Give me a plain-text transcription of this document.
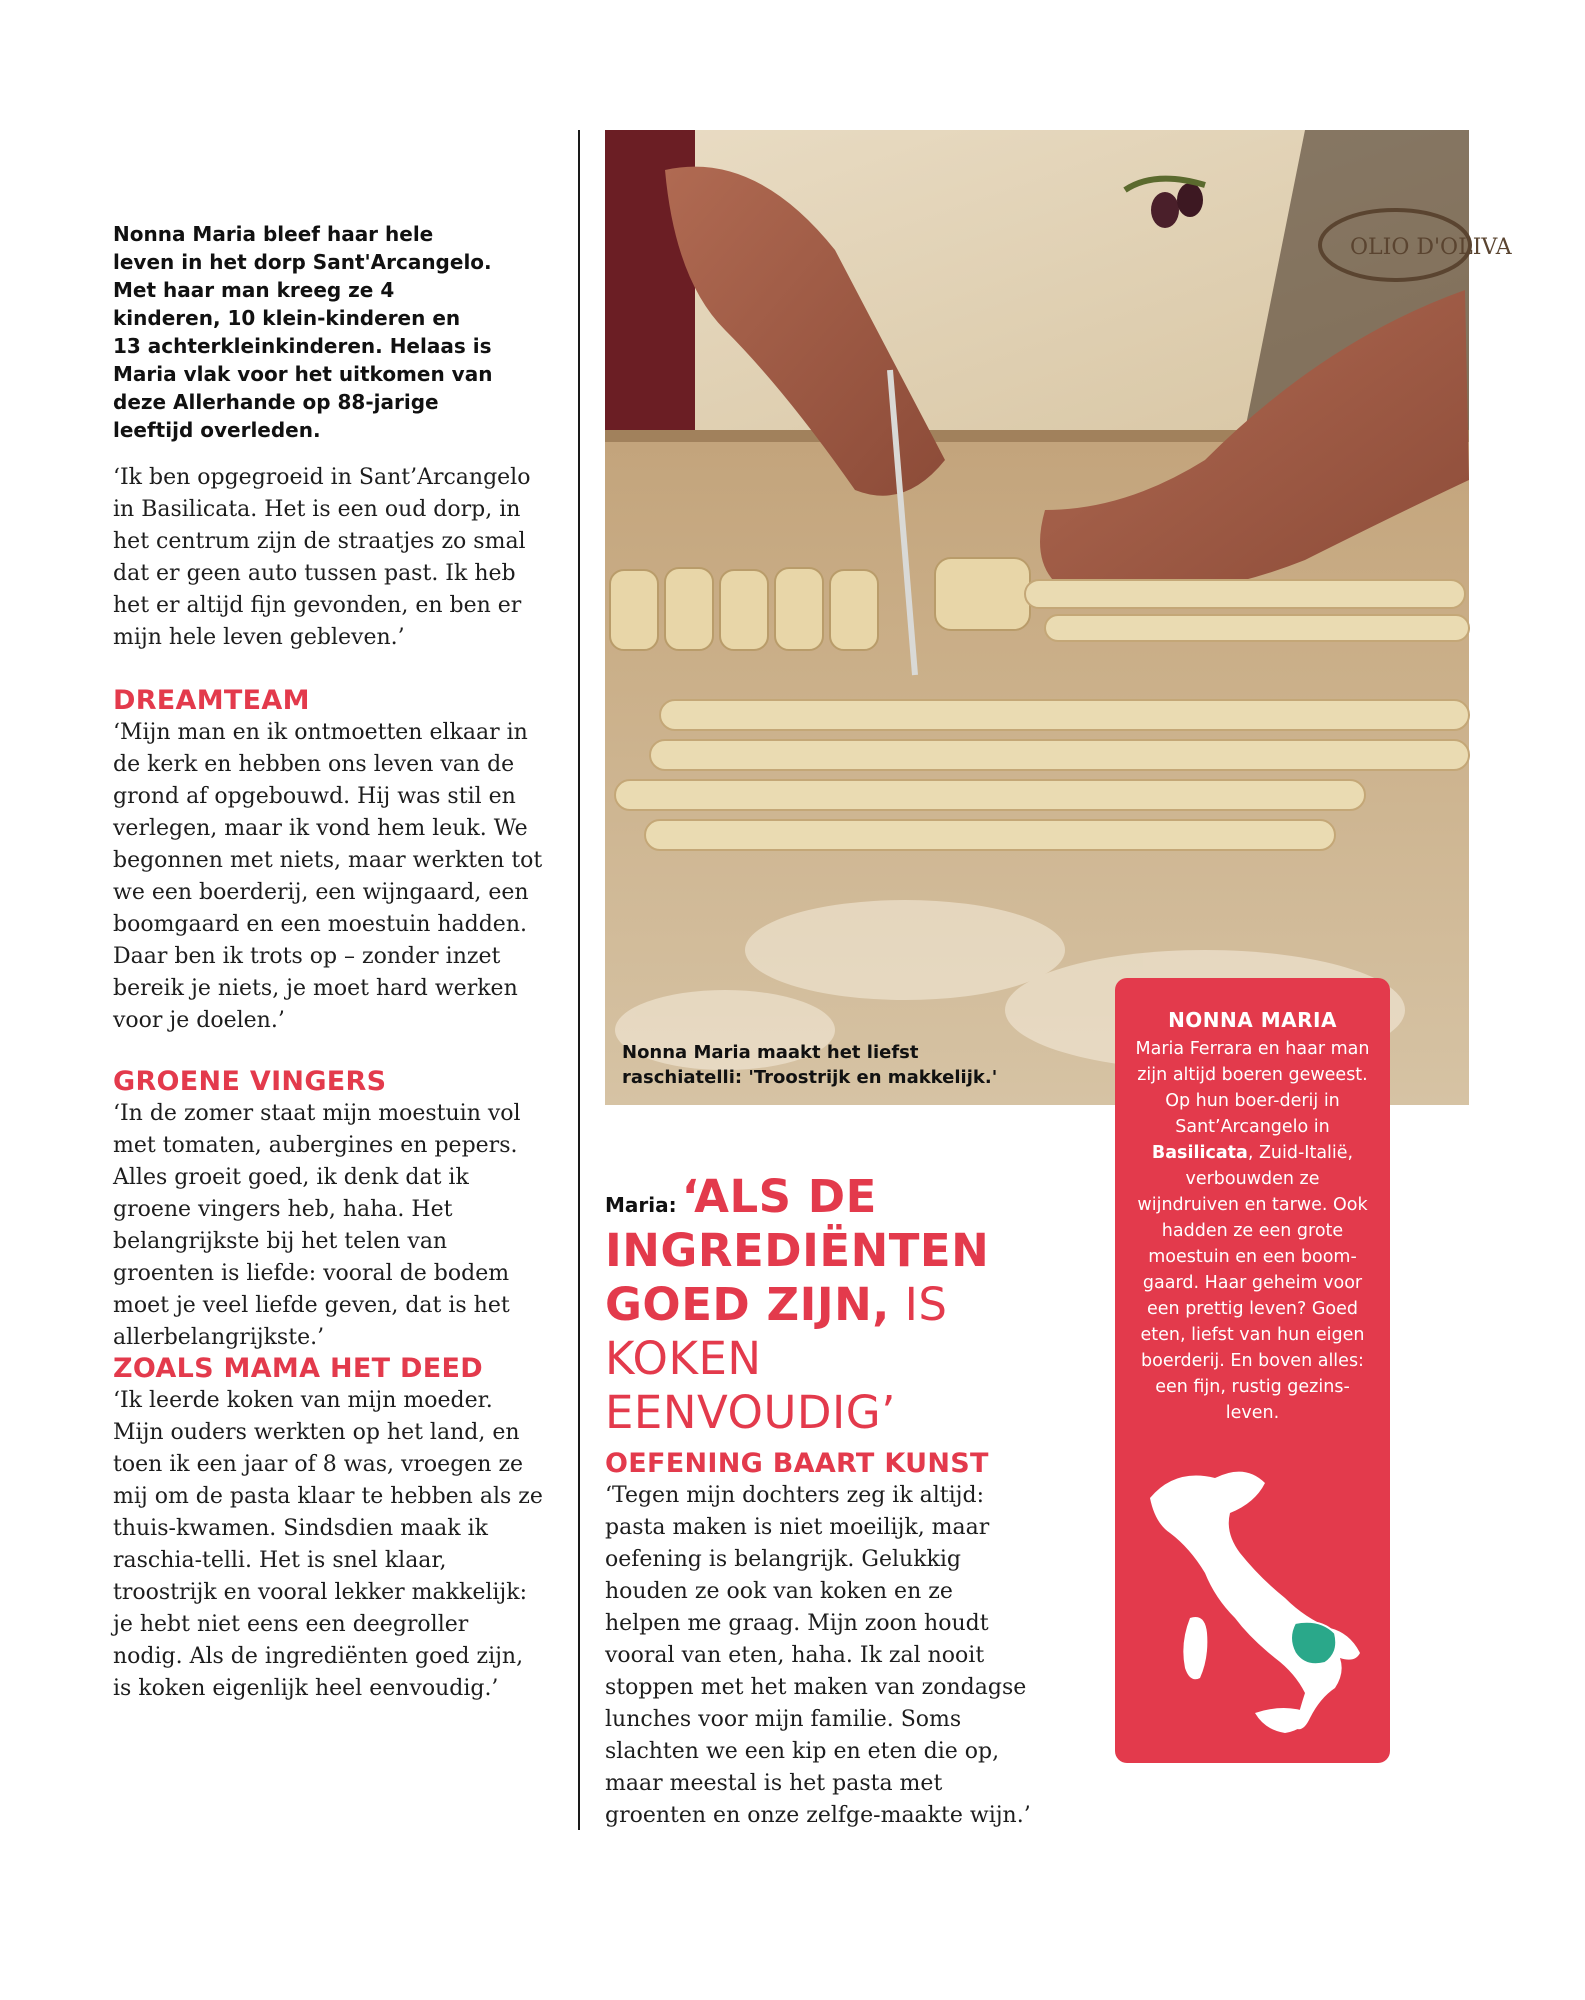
Nonna Maria bleef haar hele leven in het dorp Sant'Arcangelo. Met haar man kreeg ze 4 kinderen, 10 klein-kinderen en 13 achterkleinkinderen. Helaas is Maria vlak voor het uitkomen van deze Allerhande op 88-jarige leeftijd overleden.
‘Ik ben opgegroeid in Sant’Arcangelo in Basilicata. Het is een oud dorp, in het centrum zijn de straatjes zo smal dat er geen auto tussen past. Ik heb het er altijd fijn gevonden, en ben er mijn hele leven gebleven.’
DREAMTEAM
‘Mijn man en ik ontmoetten elkaar in de kerk en hebben ons leven van de grond af opgebouwd. Hij was stil en verlegen, maar ik vond hem leuk. We begonnen met niets, maar werkten tot we een boerderij, een wijngaard, een boomgaard en een moestuin hadden. Daar ben ik trots op – zonder inzet bereik je niets, je moet hard werken voor je doelen.’
GROENE VINGERS
‘In de zomer staat mijn moestuin vol met tomaten, aubergines en pepers. Alles groeit goed, ik denk dat ik groene vingers heb, haha. Het belangrijkste bij het telen van groenten is liefde: vooral de bodem moet je veel liefde geven, dat is het allerbelangrijkste.’
ZOALS MAMA HET DEED
‘Ik leerde koken van mijn moeder. Mijn ouders werkten op het land, en toen ik een jaar of 8 was, vroegen ze mij om de pasta klaar te hebben als ze thuis-kwamen. Sindsdien maak ik raschia-telli. Het is snel klaar, troostrijk en vooral lekker makkelijk: je hebt niet eens een deegroller nodig. Als de ingrediënten goed zijn, is koken eigenlijk heel eenvoudig.’
OLIO D'OLIVA
Nonna Maria maakt het liefst raschiatelli: 'Troostrijk en makkelijk.'
Maria: ‘ALS DE
INGREDIËNTEN
GOED ZIJN, IS KOKEN
EENVOUDIG’
OEFENING BAART KUNST
‘Tegen mijn dochters zeg ik altijd: pasta maken is niet moeilijk, maar oefening is belangrijk. Gelukkig houden ze ook van koken en ze helpen me graag. Mijn zoon houdt vooral van eten, haha. Ik zal nooit stoppen met het maken van zondagse lunches voor mijn familie. Soms slachten we een kip en eten die op, maar meestal is het pasta met groenten en onze zelfge-maakte wijn.’
NONNA MARIA
Maria Ferrara en haar man zijn altijd boeren geweest. Op hun boer-derij in Sant’Arcangelo in Basilicata, Zuid-Italië, verbouwden ze wijndruiven en tarwe. Ook hadden ze een grote moestuin en een boom-gaard. Haar geheim voor een prettig leven? Goed eten, liefst van hun eigen boerderij. En boven alles: een fijn, rustig gezins-leven.
